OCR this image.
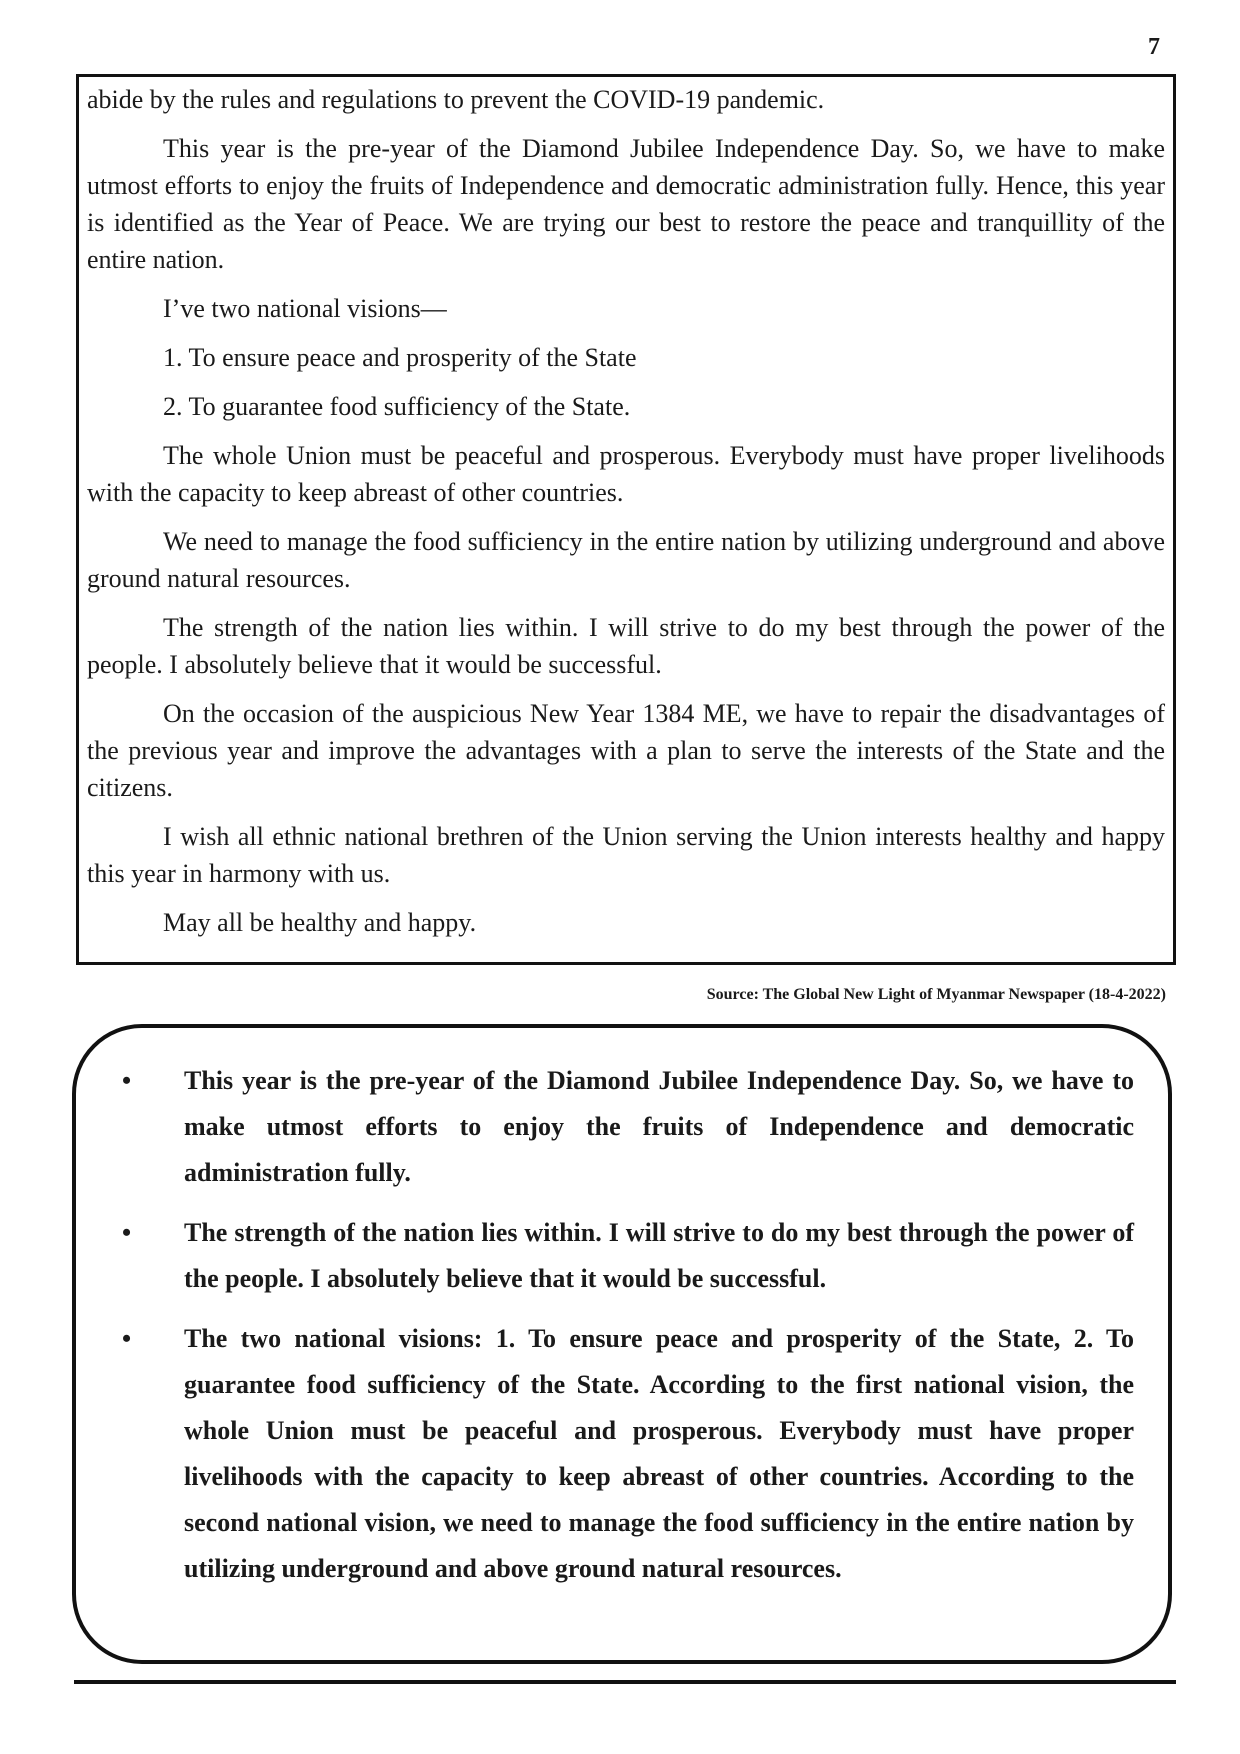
7

abide by the rules and regulations to prevent the COVID-19 pandemic.

This year is the pre-year of the Diamond Jubilee Independence Day. So, we have to make utmost efforts to enjoy the fruits of Independence and democratic administration fully. Hence, this year is identified as the Year of Peace. We are trying our best to restore the peace and tranquillity of the entire nation.

I’ve two national visions—

1. To ensure peace and prosperity of the State

2. To guarantee food sufficiency of the State.

The whole Union must be peaceful and prosperous. Everybody must have proper livelihoods with the capacity to keep abreast of other countries.

We need to manage the food sufficiency in the entire nation by utilizing underground and above ground natural resources.

The strength of the nation lies within. I will strive to do my best through the power of the people. I absolutely believe that it would be successful.

On the occasion of the auspicious New Year 1384 ME, we have to repair the disadvantages of the previous year and improve the advantages with a plan to serve the interests of the State and the citizens.

I wish all ethnic national brethren of the Union serving the Union interests healthy and happy this year in harmony with us.

May all be healthy and happy.

Source: The Global New Light of Myanmar Newspaper (18-4-2022)
• This year is the pre-year of the Diamond Jubilee Independence Day. So, we have to make utmost efforts to enjoy the fruits of Independence and democratic administration fully.
• The strength of the nation lies within. I will strive to do my best through the power of the people. I absolutely believe that it would be successful.
• The two national visions: 1. To ensure peace and prosperity of the State, 2. To guarantee food sufficiency of the State. According to the first national vision, the whole Union must be peaceful and prosperous. Everybody must have proper livelihoods with the capacity to keep abreast of other countries. According to the second national vision, we need to manage the food sufficiency in the entire nation by utilizing underground and above ground natural resources.
